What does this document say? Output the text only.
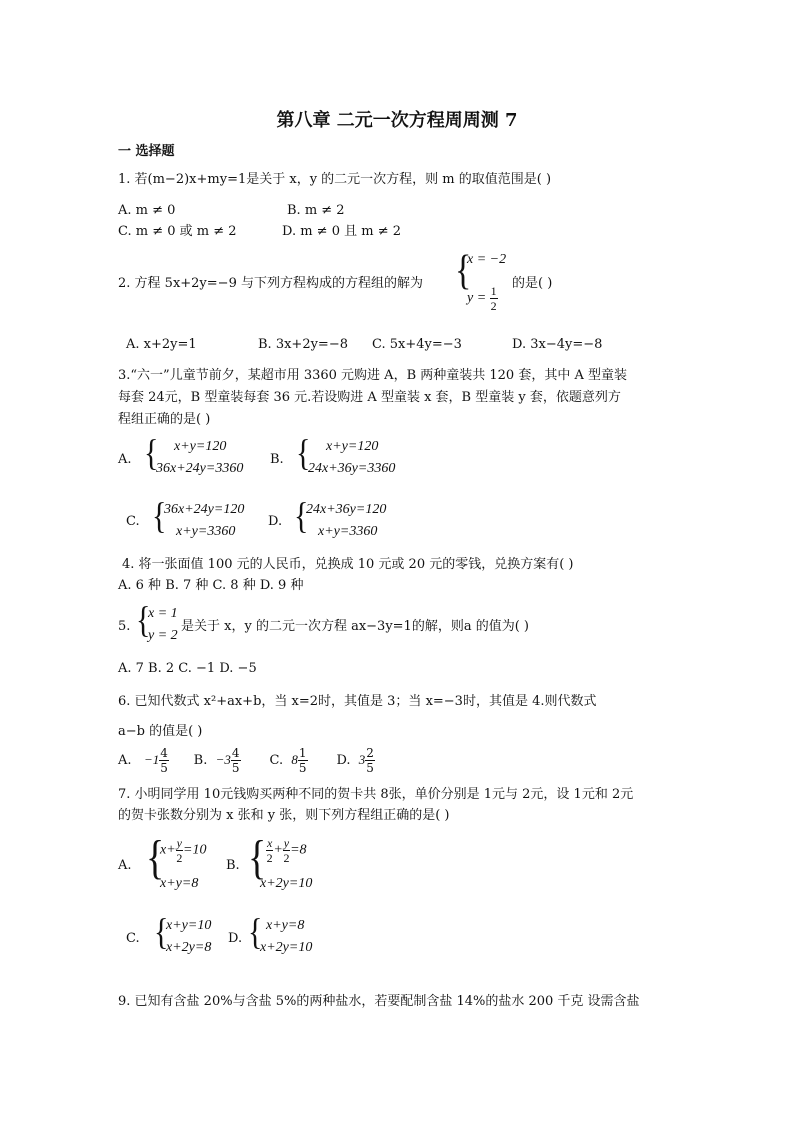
第八章 二元一次方程周周测 7
一 选择题
1. 若(m−2)x+my=1是关于 x，y 的二元一次方程，则 m 的取值范围是( )
A. m ≠ 0	B. m ≠ 2
C. m ≠ 0 或 m ≠ 2	D. m ≠ 0 且 m ≠ 2
2. 方程 5x+2y=−9 与下列方程构成的方程组的解为 {
x = −2
$y = \frac{1}{2}$
的是( )
A. x+2y=1	B. 3x+2y=−8 C. 5x+4y=−3	D. 3x−4y=−8
3.“六一”儿童节前夕，某超市用 3360 元购进 A，B 两种童装共 120 套，其中 A 型童装
每套 24元，B 型童装每套 36 元.若设购进 A 型童装 x 套，B 型童装 y 套，依题意列方
程组正确的是( )
A. { x+y=120
36x+24y=3360
B. { x+y=120
24x+36y=3360
C. {
36x+24y=120
x+y=3360
D. {
24x+36y=120
x+y=3360
4. 将一张面值 100 元的人民币，兑换成 10 元或 20 元的零钱，兑换方案有( )
A. 6 种 B. 7 种 C. 8 种 D. 9 种
5. {
x = 1
y = 2
是关于 x，y 的二元一次方程 ax−3y=1的解，则a 的值为( )
A. 7 B. 2 C. −1 D. −5
6. 已知代数式 x²+ax+b，当 x=2时，其值是 3；当 x=−3时，其值是 4.则代数式
a−b 的值是( )
A. $-1 \frac{4}{5} B$. $-3 \frac{4}{5} C$. $8 \frac{1}{5} D$. $3 \frac{2}{5}$
7. 小明同学用 10元钱购买两种不同的贺卡共 8张，单价分别是 1元与 2元，设 1元和 2元
的贺卡张数分别为 x 张和 y 张，则下列方程组正确的是( )
A. {
$x+ \frac{y}{2} =10$
x+y=8
B. { $\frac{x}{2} + \frac{y}{2} =8$
x+2y=10
C. {
x+y=10
x+2y=8
D. { x+y=8
x+2y=10
9. 已知有含盐 20%与含盐 5%的两种盐水，若要配制含盐 14%的盐水 200 千克 设需含盐
